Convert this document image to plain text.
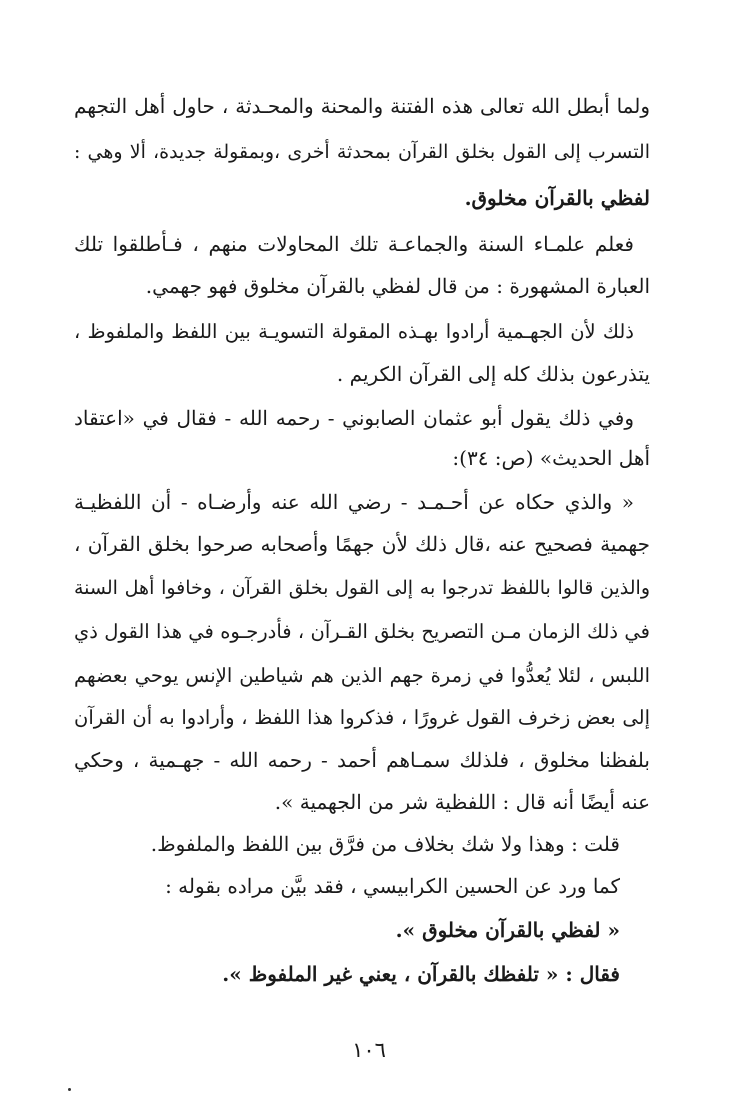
ولما أبطل الله تعالى هذه الفتنة والمحنة والمحـدثة ، حاول أهل التجهم
التسرب إلى القول بخلق القرآن بمحدثة أخرى ،وبمقولة جديدة، ألا وهي :
لفظي بالقرآن مخلوق.
فعلم علمـاء السنة والجماعـة تلك المحاولات منهم ، فـأطلقوا تلك
العبارة المشهورة : من قال لفظي بالقرآن مخلوق فهو جهمي.
ذلك لأن الجهـمية أرادوا بهـذه المقولة التسويـة بين اللفظ والملفوظ ،
يتذرعون بذلك كله إلى القرآن الكريم .
وفي ذلك يقول أبو عثمان الصابوني - رحمه الله - فقال في «اعتقاد
أهل الحديث» (ص: ٣٤):
« والذي حكاه عن أحـمـد - رضي الله عنه وأرضـاه - أن اللفظيـة
جهمية فصحيح عنه ،قال ذلك لأن جهمًا وأصحابه صرحوا بخلق القرآن ،
والذين قالوا باللفظ تدرجوا به إلى القول بخلق القرآن ، وخافوا أهل السنة
في ذلك الزمان مـن التصريح بخلق القـرآن ، فأدرجـوه في هذا القول ذي
اللبس ، لئلا يُعدُّوا في زمرة جهم الذين هم شياطين الإنس يوحي بعضهم
إلى بعض زخرف القول غرورًا ، فذكروا هذا اللفظ ، وأرادوا به أن القرآن
بلفظنا مخلوق ، فلذلك سمـاهم أحمد - رحمه الله - جهـمية ، وحكي
عنه أيضًا أنه قال : اللفظية شر من الجهمية ».
قلت : وهذا ولا شك بخلاف من فرَّق بين اللفظ والملفوظ.
كما ورد عن الحسين الكرابيسي ، فقد بيَّن مراده بقوله :
« لفظي بالقرآن مخلوق ».
فقال : « تلفظك بالقرآن ، يعني غير الملفوظ ».
١٠٦
